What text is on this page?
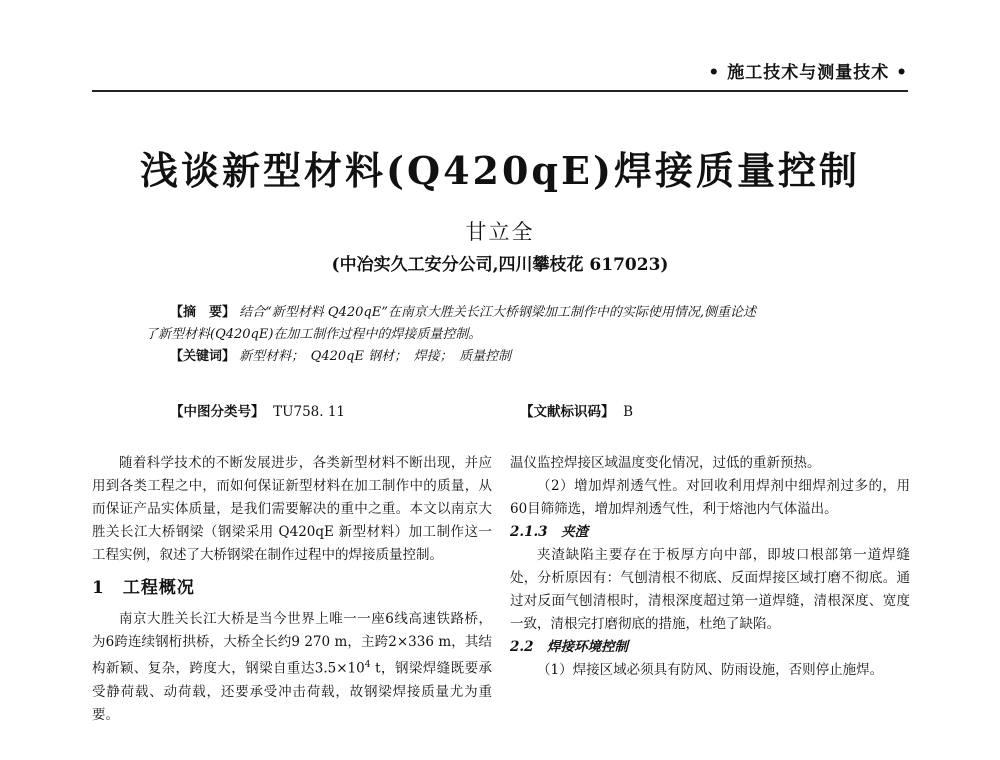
• 施工技术与测量技术 •
浅谈新型材料(Q420qE)焊接质量控制
甘立全
(中冶实久工安分公司,四川攀枝花 617023)

【摘　要】 结合“新型材料 Q420qE”在南京大胜关长江大桥钢梁加工制作中的实际使用情况,侧重论述

了新型材料(Q420qE)在加工制作过程中的焊接质量控制。

【关键词】 新型材料；　Q420qE 钢材；　焊接；　质量控制

【中图分类号】 TU758. 11	【文献标识码】 B

随着科学技术的不断发展进步，各类新型材料不断出现，并应用到各类工程之中，而如何保证新型材料在加工制作中的质量，从而保证产品实体质量，是我们需要解决的重中之重。本文以南京大胜关长江大桥钢梁（钢梁采用 Q420qE 新型材料）加工制作这一工程实例，叙述了大桥钢梁在制作过程中的焊接质量控制。

1　工程概况

南京大胜关长江大桥是当今世界上唯一一座6线高速铁路桥，为6跨连续钢桁拱桥，大桥全长约9 270 m，主跨2×336 m，其结构新颖、复杂，跨度大，钢梁自重达$3.5\times 10^4$ t，钢梁焊缝既要承受静荷载、动荷载，还要承受冲击荷载，故钢梁焊接质量尤为重要。

温仪监控焊接区域温度变化情况，过低的重新预热。

（2）增加焊剂透气性。对回收利用焊剂中细焊剂过多的，用60目筛筛选，增加焊剂透气性，利于熔池内气体溢出。

2.1.3　夹渣

夹渣缺陷主要存在于板厚方向中部，即坡口根部第一道焊缝处，分析原因有：气刨清根不彻底、反面焊接区域打磨不彻底。通过对反面气刨清根时，清根深度超过第一道焊缝，清根深度、宽度一致，清根完打磨彻底的措施，杜绝了缺陷。

2.2　焊接环境控制

（1）焊接区域必须具有防风、防雨设施，否则停止施焊。
